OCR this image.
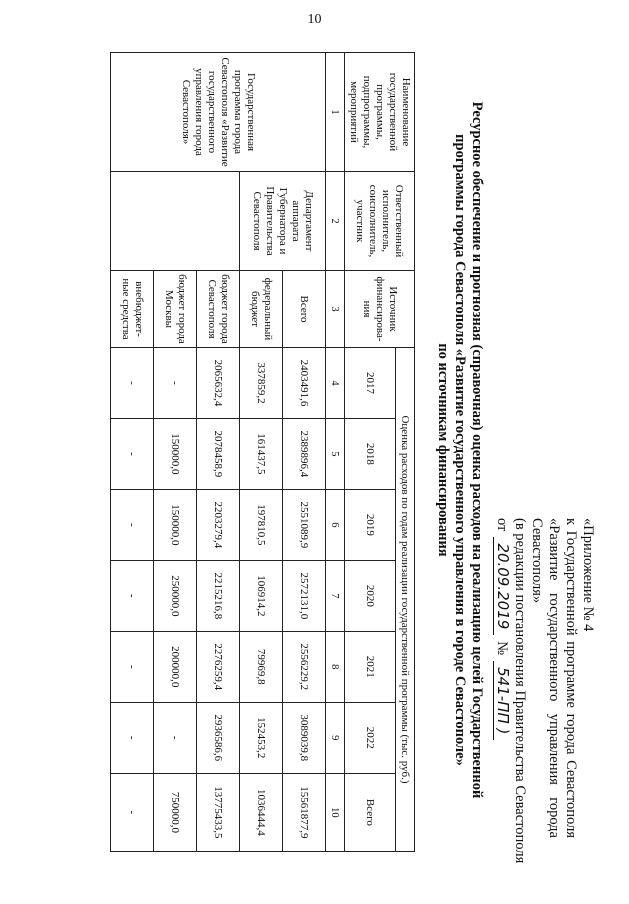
10
«Приложение № 4
к Государственной программе города Севастополя
«Развитие государственного управления города
Севастополя»
(в редакции постановления Правительства Севастополя
от
20.09.2019
№
541-ПП )
Ресурсное обеспечение и прогнозная (справочная) оценка расходов на реализацию целей Государственной
программы города Севастополя «Развитие государственного управления в городе Севастополе»
по источникам финансирования
Наименование государственной программы, подпрограммы, мероприятий	Ответственный исполнитель, соисполнитель, участник	Источник финансирова-ния	Оценка расходов по годам реализации государственной программы (тыс. руб.)						
			2017	2018	2019	2020	2021	2022	Всего
1	2	3	4	5	6	7	8	9	10
Государственная программа города Севастополя «Развитие государственного управления города Севастополя»	Департамент аппарата Губернатора и Правительства Севастополя	Всего	2403491,6	2389896,4	2551089,9	2572131,0	2556229,2	3089039,8	15561877,9
		федеральный бюджет	337859,2	161437,5	197810,5	106914,2	79969,8	152453,2	1036444,4
		бюджет города Севастополя	2065632,4	2078458,9	2203279,4	2215216,8	2276259,4	2936586,6	13775433,5
		бюджет города Москвы	-	150000,0	150000,0	250000,0	200000,0	-	750000,0
		внебюджет-ные средства	-	-	-	-	-	-	-
